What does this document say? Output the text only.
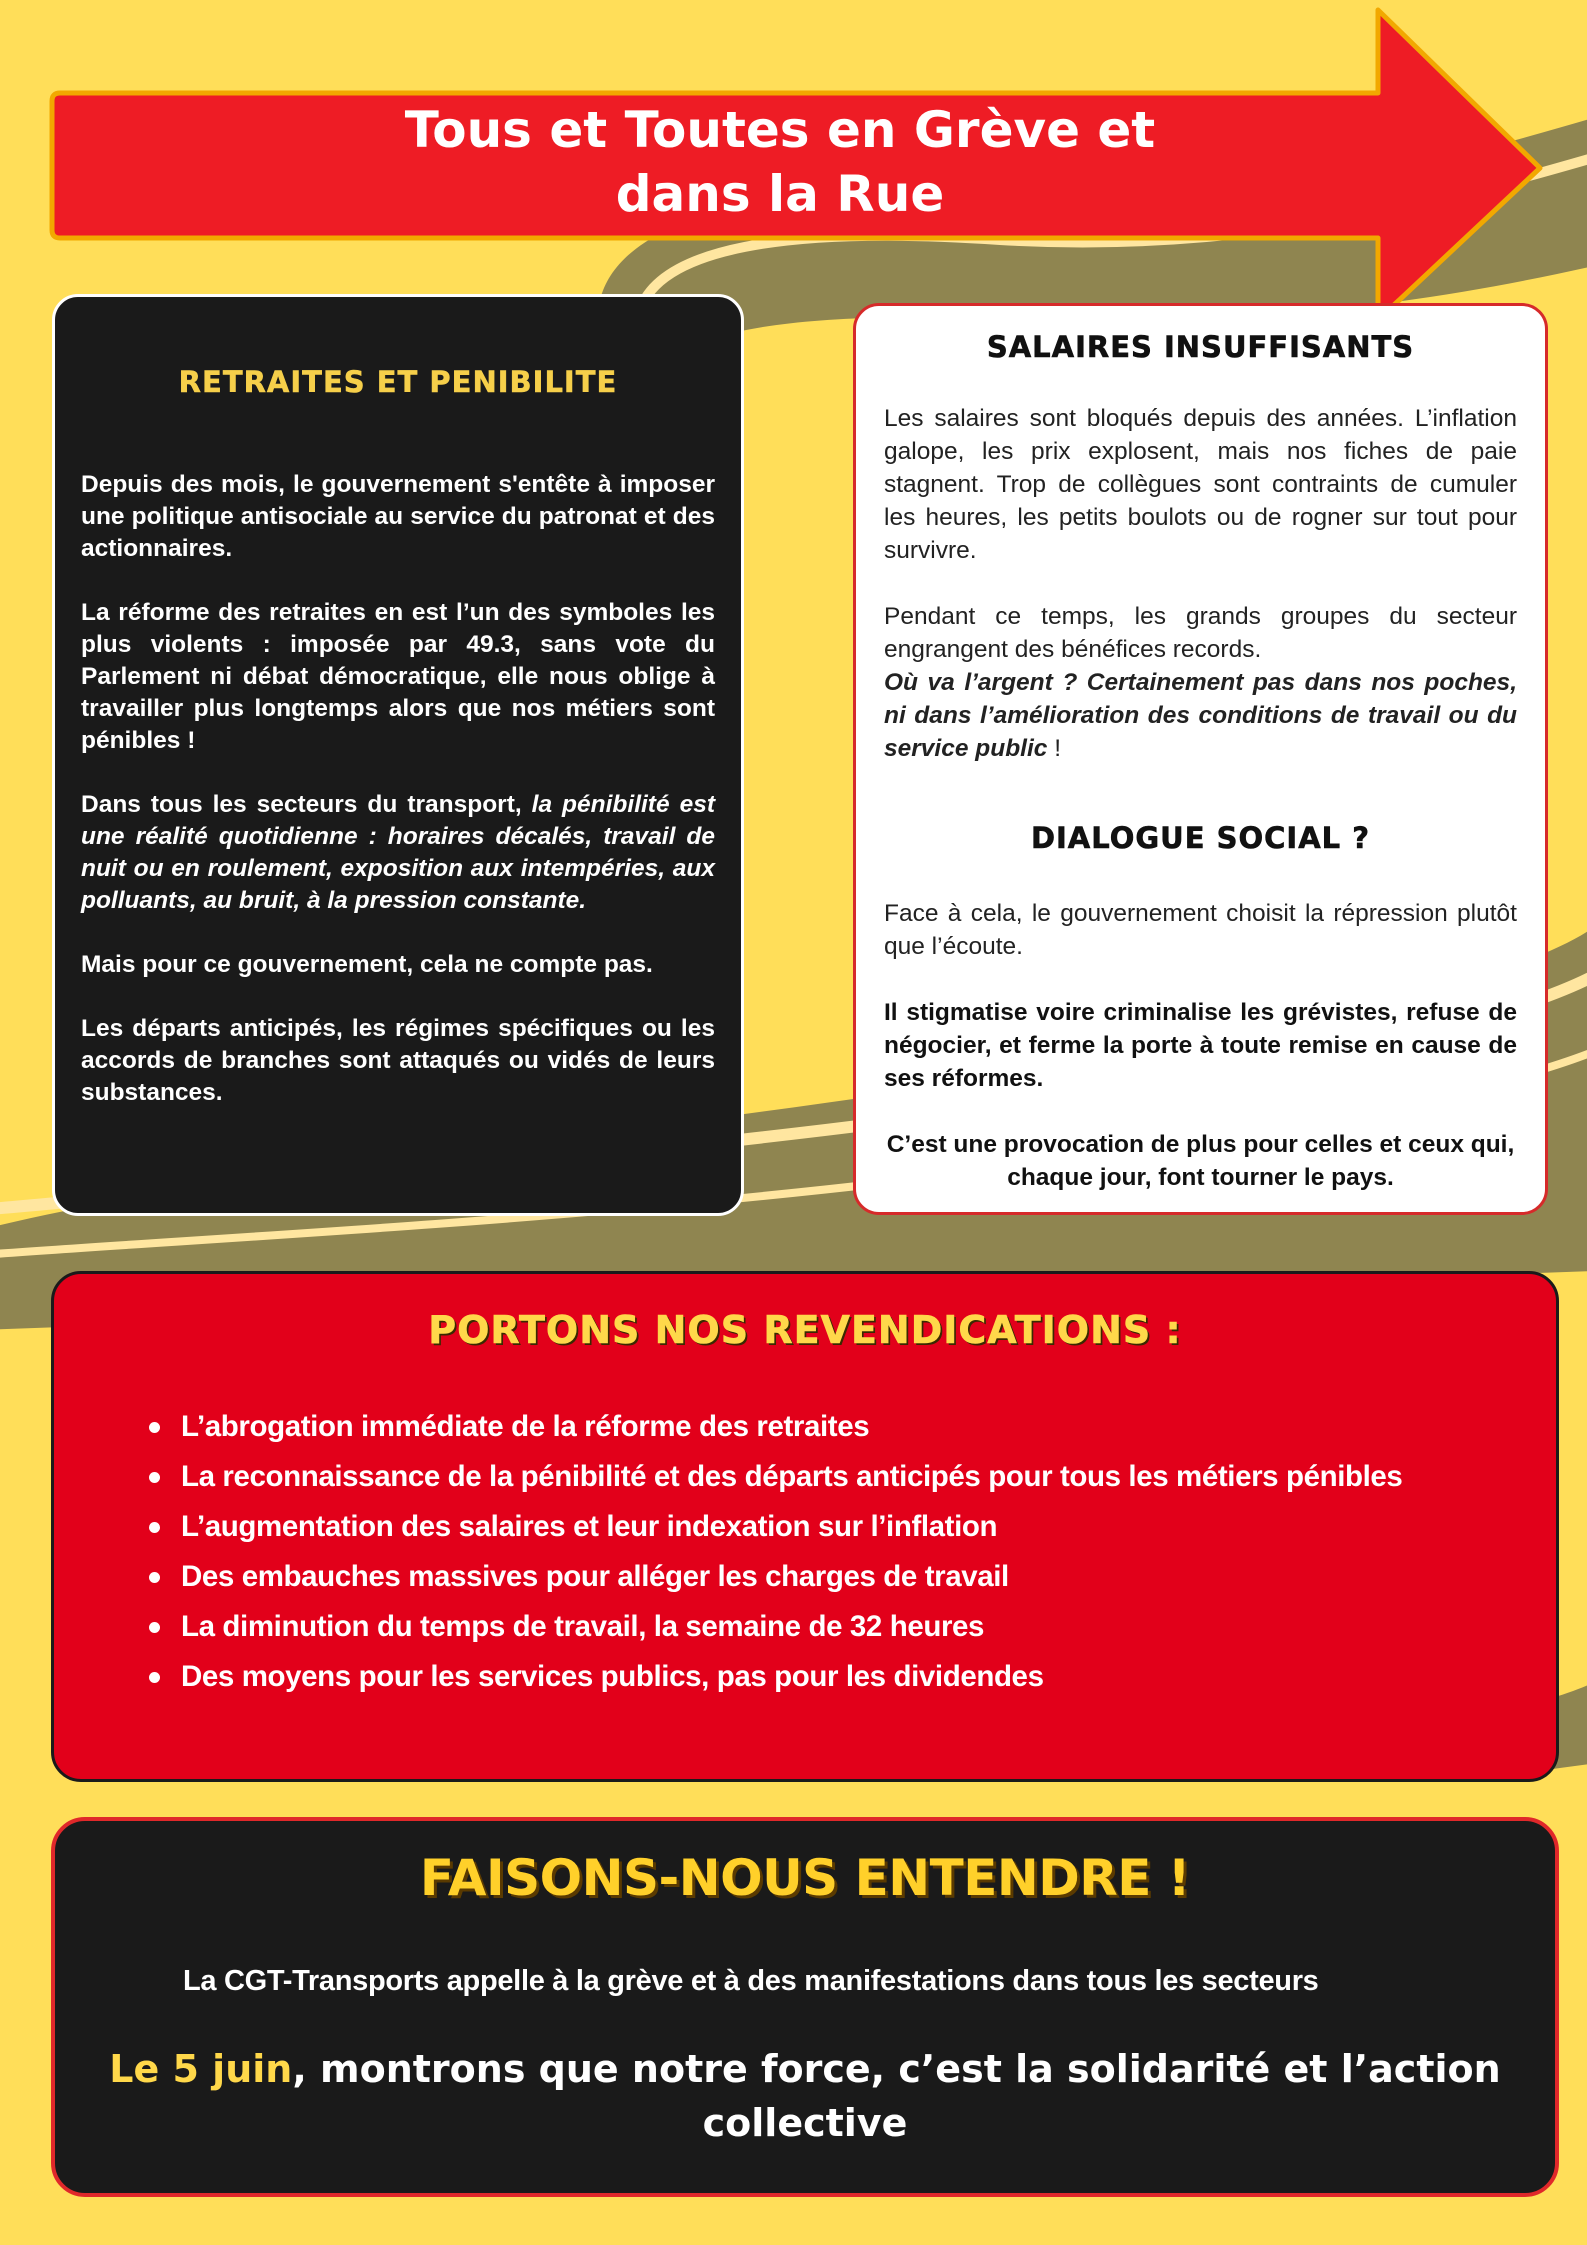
Tous et Toutes en Grève et
dans la Rue
RETRAITES ET PENIBILITE

Depuis des mois, le gouvernement s'entête à imposer une politique antisociale au service du patronat et des actionnaires.

La réforme des retraites en est l’un des symboles les plus violents : imposée par 49.3, sans vote du Parlement ni débat démocratique, elle nous oblige à travailler plus longtemps alors que nos métiers sont pénibles !

Dans tous les secteurs du transport, la pénibilité est une réalité quotidienne : horaires décalés, travail de nuit ou en roulement, exposition aux intempéries, aux polluants, au bruit, à la pression constante.

Mais pour ce gouvernement, cela ne compte pas.

Les départs anticipés, les régimes spécifiques ou les accords de branches sont attaqués ou vidés de leurs substances.

SALAIRES INSUFFISANTS

Les salaires sont bloqués depuis des années. L’inflation galope, les prix explosent, mais nos fiches de paie stagnent. Trop de collègues sont contraints de cumuler les heures, les petits boulots ou de rogner sur tout pour survivre.

Pendant ce temps, les grands groupes du secteur engrangent des bénéfices records.
Où va l’argent ? Certainement pas dans nos poches, ni dans l’amélioration des conditions de travail ou du service public !

DIALOGUE SOCIAL ?

Face à cela, le gouvernement choisit la répression plutôt que l’écoute.

Il stigmatise voire criminalise les grévistes, refuse de négocier, et ferme la porte à toute remise en cause de ses réformes.

C’est une provocation de plus pour celles et ceux qui, chaque jour, font tourner le pays.

PORTONS NOS REVENDICATIONS :
L’abrogation immédiate de la réforme des retraites
La reconnaissance de la pénibilité et des départs anticipés pour tous les métiers pénibles
L’augmentation des salaires et leur indexation sur l’inflation
Des embauches massives pour alléger les charges de travail
La diminution du temps de travail, la semaine de 32 heures
Des moyens pour les services publics, pas pour les dividendes
FAISONS-NOUS ENTENDRE !

La CGT-Transports appelle à la grève et à des manifestations dans tous les secteurs

Le 5 juin, montrons que notre force, c’est la solidarité et l’action collective
